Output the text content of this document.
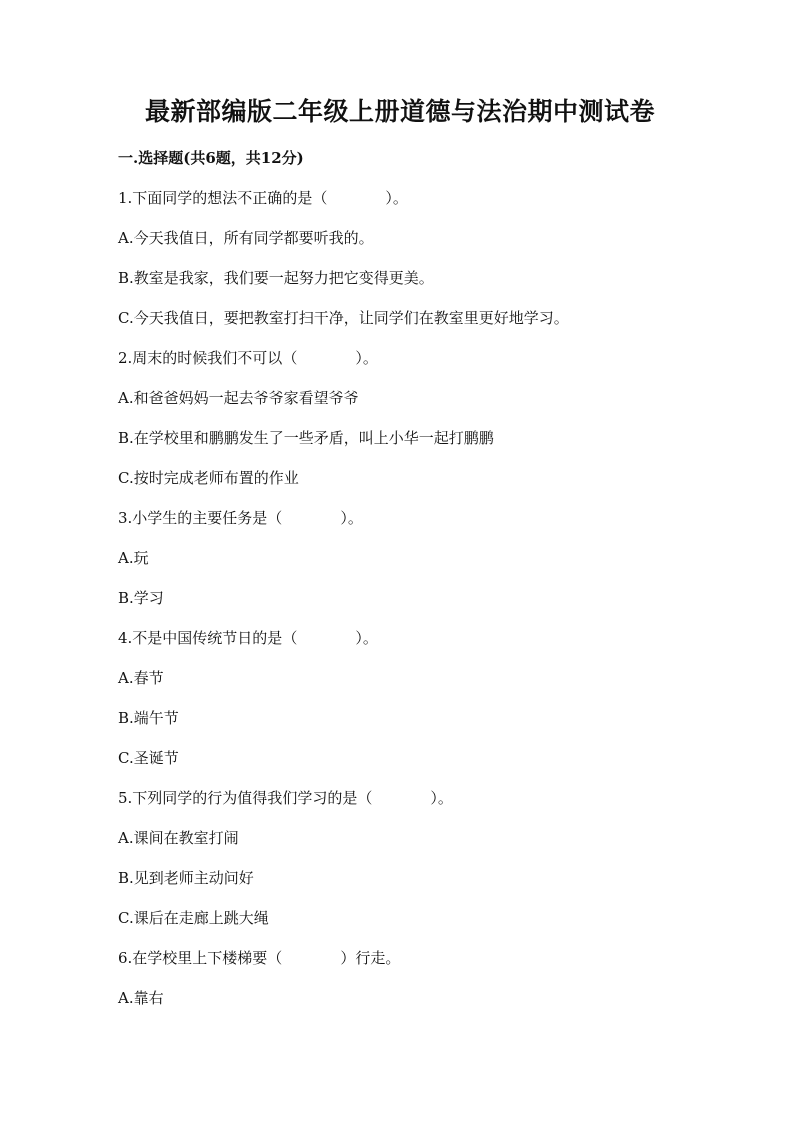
最新部编版二年级上册道德与法治期中测试卷
一.选择题(共6题，共12分)
1.下面同学的想法不正确的是（	）。
A.今天我值日，所有同学都要听我的。
B.教室是我家，我们要一起努力把它变得更美。
C.今天我值日，要把教室打扫干净，让同学们在教室里更好地学习。
2.周末的时候我们不可以（	）。
A.和爸爸妈妈一起去爷爷家看望爷爷
B.在学校里和鹏鹏发生了一些矛盾，叫上小华一起打鹏鹏
C.按时完成老师布置的作业
3.小学生的主要任务是（	）。
A.玩
B.学习
4.不是中国传统节日的是（	）。
A.春节
B.端午节
C.圣诞节
5.下列同学的行为值得我们学习的是（	）。
A.课间在教室打闹
B.见到老师主动问好
C.课后在走廊上跳大绳
6.在学校里上下楼梯要（	）行走。
A.靠右
